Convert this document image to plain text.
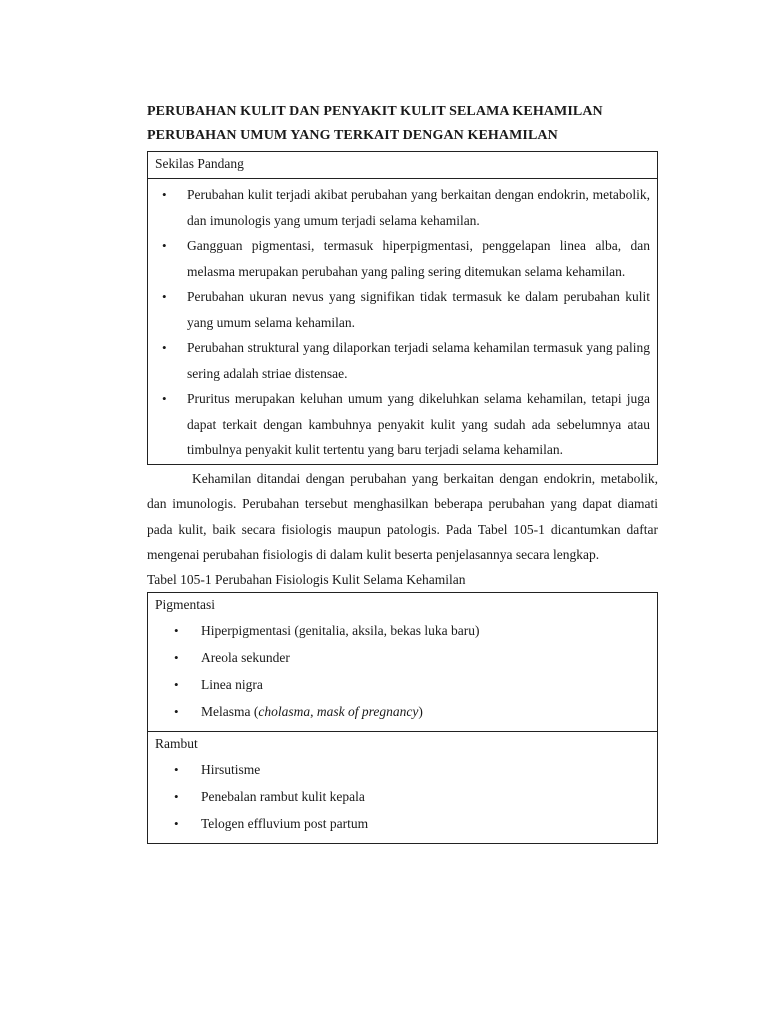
PERUBAHAN KULIT DAN PENYAKIT KULIT SELAMA KEHAMILAN
PERUBAHAN UMUM YANG TERKAIT DENGAN KEHAMILAN
Sekilas Pandang
• Perubahan kulit terjadi akibat perubahan yang berkaitan dengan endokrin, metabolik, dan imunologis yang umum terjadi selama kehamilan.
• Gangguan pigmentasi, termasuk hiperpigmentasi, penggelapan linea alba, dan melasma merupakan perubahan yang paling sering ditemukan selama kehamilan.
• Perubahan ukuran nevus yang signifikan tidak termasuk ke dalam perubahan kulit yang umum selama kehamilan.
• Perubahan struktural yang dilaporkan terjadi selama kehamilan termasuk yang paling sering adalah striae distensae.
• Pruritus merupakan keluhan umum yang dikeluhkan selama kehamilan, tetapi juga dapat terkait dengan kambuhnya penyakit kulit yang sudah ada sebelumnya atau timbulnya penyakit kulit tertentu yang baru terjadi selama kehamilan.

Kehamilan ditandai dengan perubahan yang berkaitan dengan endokrin, metabolik, dan imunologis. Perubahan tersebut menghasilkan beberapa perubahan yang dapat diamati pada kulit, baik secara fisiologis maupun patologis. Pada Tabel 105-1 dicantumkan daftar mengenai perubahan fisiologis di dalam kulit beserta penjelasannya secara lengkap.

Tabel 105-1 Perubahan Fisiologis Kulit Selama Kehamilan

Pigmentasi
• Hiperpigmentasi (genitalia, aksila, bekas luka baru)
• Areola sekunder
• Linea nigra
• Melasma (cholasma, mask of pregnancy)
Rambut
• Hirsutisme
• Penebalan rambut kulit kepala
• Telogen effluvium post partum
